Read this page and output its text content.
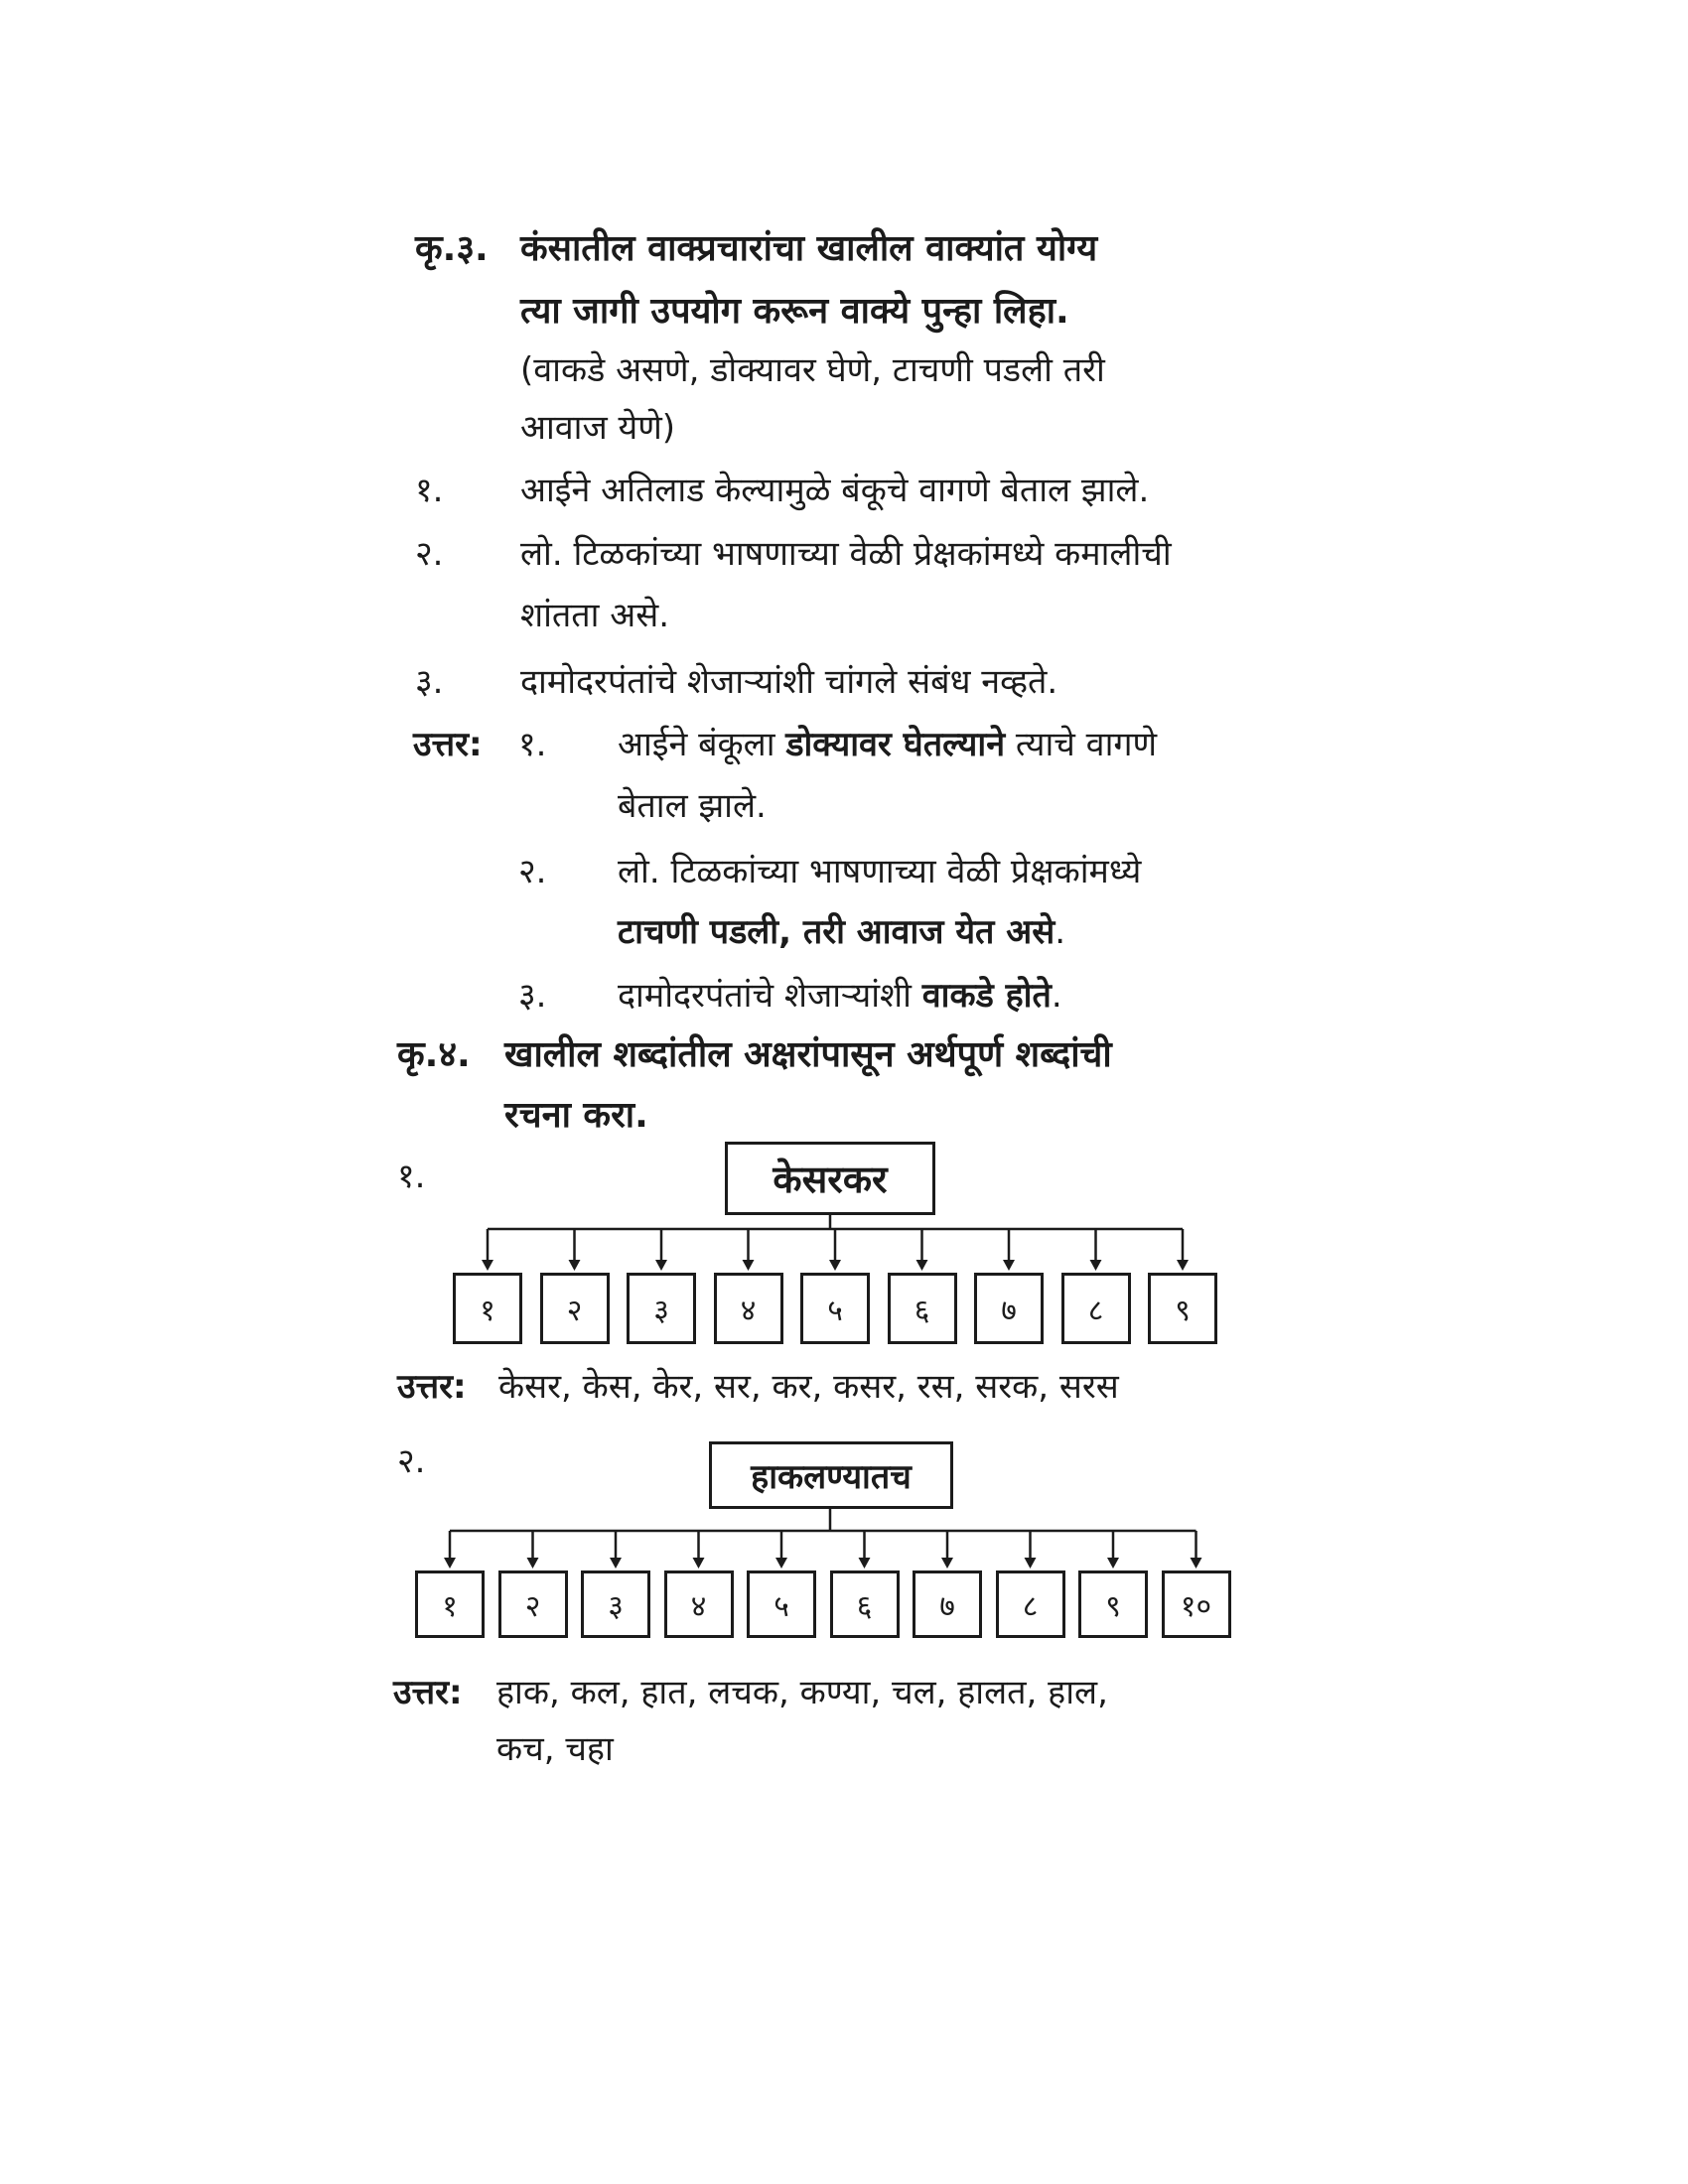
कृ.३. कंसातील वाक्प्रचारांचा खालील वाक्यांत योग्य
त्या जागी उपयोग करून वाक्ये पुन्हा लिहा.
(वाकडे असणे, डोक्यावर घेणे, टाचणी पडली तरी
आवाज येणे)
१. आईने अतिलाड केल्यामुळे बंकूचे वागणे बेताल झाले.
२. लो. टिळकांच्या भाषणाच्या वेळी प्रेक्षकांमध्ये कमालीची
शांतता असे.
३. दामोदरपंतांचे शेजाऱ्यांशी चांगले संबंध नव्हते.
उत्तर: १. आईने बंकूला डोक्यावर घेतल्याने त्याचे वागणे
बेताल झाले.
२. लो. टिळकांच्या भाषणाच्या वेळी प्रेक्षकांमध्ये
टाचणी पडली, तरी आवाज येत असे.
३. दामोदरपंतांचे शेजाऱ्यांशी वाकडे होते.
कृ.४. खालील शब्दांतील अक्षरांपासून अर्थपूर्ण शब्दांची
रचना करा.
१.	केसरकर
१ २ ३ ४ ५ ६ ७ ८ ९
उत्तर: केसर, केस, केर, सर, कर, कसर, रस, सरक, सरस
२.	हाकलण्यातच
१ २ ३ ४ ५ ६ ७ ८ ९ १०
उत्तर: हाक, कल, हात, लचक, कण्या, चल, हालत, हाल,
कच, चहा
